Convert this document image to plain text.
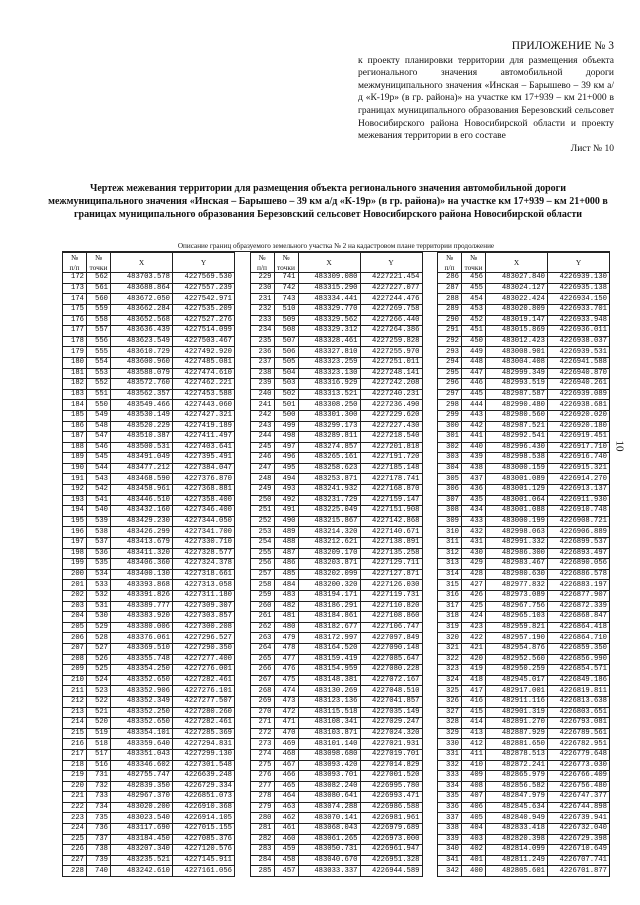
ПРИЛОЖЕНИЕ № 3
к проекту планировки территории для размещения объекта регионального значения автомобильной дороги межмуниципального значения «Инская – Барышево – 39 км а/д «К-19р» (в гр. района)» на участке км 17+939 – км 21+000 в границах муниципального образования Березовский сельсовет Новосибирского района Новосибирской области и проекту межевания территории в его составе
Лист № 10
Чертеж межевания территории для размещения объекта регионального значения автомобильной дороги межмуниципального значения «Инская – Барышево – 39 км а/д «К-19р» (в гр. района)» на участке км 17+939 – км 21+000 в границах муниципального образования Березовский сельсовет Новосибирского района Новосибирской области
10
Описание границ образуемого земельного участка № 2 на кадастровом плане территории продолжение
№	№	X	Y
п/п	точки		
172	562	483703.578	4227569.530
173	561	483688.864	4227557.239
174	560	483672.050	4227542.971
175	559	483662.284	4227535.209
176	558	483652.568	4227527.276
177	557	483636.439	4227514.099
178	556	483623.549	4227503.467
179	555	483610.729	4227492.920
180	554	483600.960	4227485.081
181	553	483588.079	4227474.610
182	552	483572.760	4227462.221
183	551	483562.357	4227453.588
184	550	483549.466	4227443.060
185	549	483530.149	4227427.321
186	548	483520.229	4227419.189
187	547	483510.387	4227411.497
188	546	483500.531	4227403.641
189	545	483491.049	4227395.491
190	544	483477.212	4227384.047
191	543	483468.590	4227376.870
192	542	483458.961	4227368.881
193	541	483446.510	4227358.400
194	540	483432.160	4227346.400
195	539	483429.230	4227344.050
196	538	483426.299	4227341.700
197	537	483413.679	4227330.710
198	536	483411.320	4227328.577
199	535	483406.360	4227324.378
200	534	483400.130	4227318.661
201	533	483393.868	4227313.058
202	532	483391.826	4227311.180
203	531	483389.777	4227309.307
204	530	483383.920	4227303.857
205	529	483380.006	4227300.208
206	528	483376.061	4227296.527
207	527	483369.510	4227290.350
208	526	483355.748	4227277.400
209	525	483354.250	4227276.001
210	524	483352.650	4227282.461
211	523	483352.906	4227276.101
212	522	483352.349	4227277.507
213	521	483352.250	4227280.260
214	520	483352.650	4227282.461
215	519	483354.101	4227285.369
216	518	483359.640	4227294.831
217	517	483351.043	4227299.130
218	516	483346.602	4227301.548
219	731	482755.747	4226639.248
220	732	482839.350	4226729.334
221	733	482967.370	4226851.073
222	734	483020.200	4226910.368
223	735	483023.540	4226914.105
224	736	483117.690	4227015.155
225	737	483184.450	4227085.376
226	738	483207.340	4227120.576
227	739	483235.521	4227145.911
228	740	483242.610	4227161.056
№	№	X	Y
п/п	точки		
229	741	483309.080	4227221.454
230	742	483315.290	4227227.077
231	743	483334.441	4227244.476
232	510	483329.770	4227269.758
233	509	483329.562	4227266.440
234	508	483329.312	4227264.386
235	507	483328.461	4227259.828
236	506	483327.810	4227255.970
237	505	483323.259	4227251.011
238	504	483323.130	4227248.141
239	503	483316.929	4227242.208
240	502	483313.521	4227240.231
241	501	483308.250	4227236.490
242	500	483301.300	4227229.620
243	499	483299.173	4227227.430
244	498	483289.811	4227218.540
245	497	483274.857	4227201.818
246	496	483265.161	4227191.720
247	495	483258.623	4227185.148
248	494	483253.871	4227178.741
249	493	483241.932	4227168.870
250	492	483231.729	4227159.147
251	491	483225.049	4227151.908
252	490	483215.867	4227142.868
253	489	483214.320	4227140.671
254	488	483212.621	4227138.891
255	487	483209.170	4227135.258
256	486	483203.871	4227129.711
257	485	483202.099	4227127.871
258	484	483200.320	4227126.030
259	483	483194.171	4227119.731
260	482	483186.291	4227110.820
261	481	483184.861	4227108.860
262	480	483182.677	4227106.747
263	479	483172.997	4227097.849
264	478	483164.520	4227090.148
265	477	483159.419	4227085.647
266	476	483154.959	4227080.228
267	475	483148.381	4227072.167
268	474	483130.269	4227048.510
269	473	483123.136	4227041.857
270	472	483115.518	4227035.149
271	471	483108.341	4227029.247
272	470	483103.871	4227024.320
273	469	483101.140	4227021.931
274	468	483098.680	4227019.701
275	467	483093.420	4227014.829
276	466	483093.701	4227001.520
277	465	483082.240	4226995.780
278	464	483080.641	4226993.471
279	463	483074.288	4226986.588
280	462	483070.141	4226981.961
281	461	483068.043	4226979.689
282	460	483061.265	4226973.000
283	459	483050.731	4226961.947
284	458	483040.670	4226951.328
285	457	483033.337	4226944.589
№	№	X	Y
п/п	точки		
286	456	483027.840	4226939.130
287	455	483024.127	4226935.138
288	454	483022.424	4226934.150
289	453	483020.809	4226933.701
290	452	483019.147	4226933.948
291	451	483015.869	4226936.011
292	450	483012.423	4226938.037
293	449	483008.901	4226939.531
294	448	483004.408	4226941.588
295	447	482999.349	4226940.870
296	446	482993.519	4226940.261
297	445	482987.587	4226939.089
298	444	482990.480	4226938.681
299	443	482980.560	4226920.020
300	442	482987.521	4226920.180
301	441	482992.541	4226919.451
302	440	482996.430	4226917.710
303	439	482998.538	4226916.740
304	438	483000.159	4226915.321
305	437	483001.089	4226914.270
306	436	483001.129	4226913.137
307	435	483001.064	4226911.930
308	434	483001.088	4226910.748
309	433	483000.199	4226908.721
310	432	482998.063	4226906.889
311	431	482991.332	4226899.537
312	430	482986.300	4226893.497
313	429	482983.467	4226890.056
314	428	482980.630	4226886.578
315	427	482977.832	4226883.197
316	426	482973.089	4226877.907
317	425	482967.756	4226872.339
318	424	482965.103	4226868.847
319	423	482959.821	4226864.418
320	422	482957.190	4226864.710
321	421	482954.876	4226859.350
322	420	482952.560	4226856.990
323	419	482950.259	4226854.571
324	418	482945.017	4226849.186
325	417	482917.001	4226819.811
326	416	482911.116	4226813.638
327	415	482901.319	4226803.651
328	414	482891.270	4226793.081
329	413	482887.929	4226789.561
330	412	482881.650	4226782.951
331	411	482878.513	4226779.648
332	410	482872.241	4226773.030
333	409	482865.979	4226766.409
334	408	482856.582	4226756.480
335	407	482847.979	4226747.377
336	406	482845.634	4226744.898
337	405	482840.949	4226739.941
338	404	482833.418	4226732.040
339	403	482820.398	4226729.398
340	402	482814.099	4226710.649
341	401	482811.249	4226707.741
342	400	482805.601	4226701.877
